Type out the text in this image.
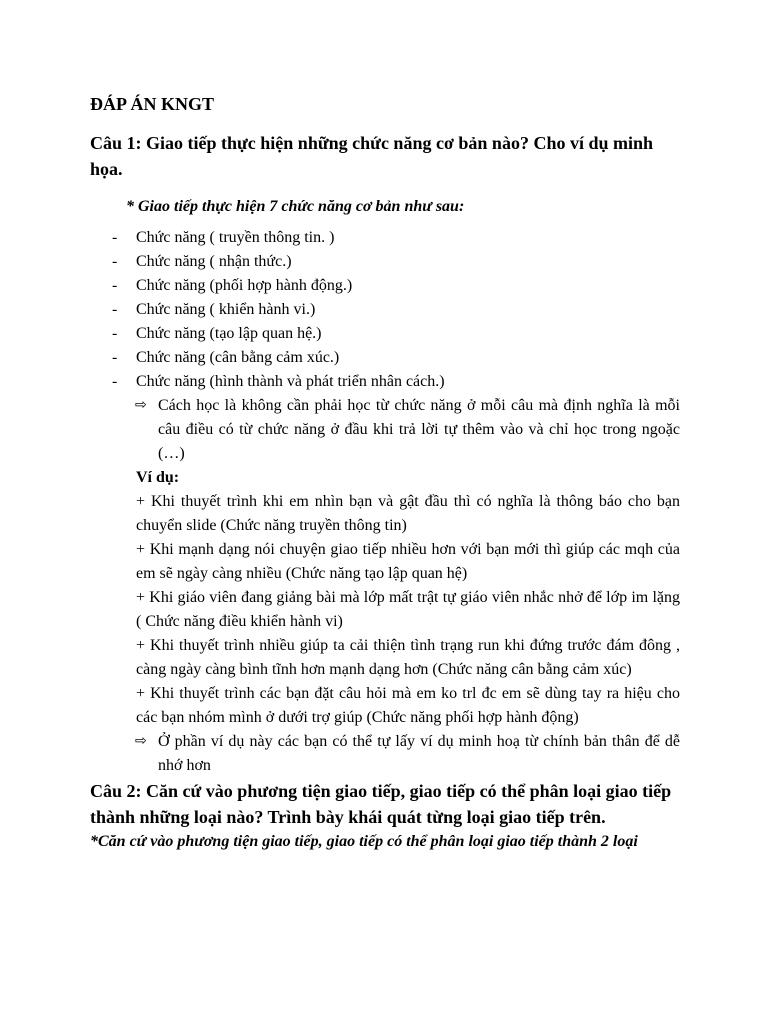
ĐÁP ÁN KNGT
Câu 1: Giao tiếp thực hiện những chức năng cơ bản nào? Cho ví dụ minh họa.
* Giao tiếp thực hiện 7 chức năng cơ bản như sau:
- Chức năng ( truyền thông tin. )
- Chức năng ( nhận thức.)
- Chức năng (phối hợp hành động.)
- Chức năng ( khiển hành vi.)
- Chức năng (tạo lập quan hệ.)
- Chức năng (cân bằng cảm xúc.)
- Chức năng (hình thành và phát triển nhân cách.)
⇨ Cách học là không cần phải học từ chức năng ở mỗi câu mà định nghĩa là mỗi câu điều có từ chức năng ở đầu khi trả lời tự thêm vào và chỉ học trong ngoặc (…)

Ví dụ:

+ Khi thuyết trình khi em nhìn bạn và gật đầu thì có nghĩa là thông báo cho bạn chuyển slide (Chức năng truyền thông tin)

+ Khi mạnh dạng nói chuyện giao tiếp nhiều hơn với bạn mới thì giúp các mqh của em sẽ ngày càng nhiều (Chức năng tạo lập quan hệ)

+ Khi giáo viên đang giảng bài mà lớp mất trật tự giáo viên nhắc nhở để lớp im lặng ( Chức năng điều khiển hành vi)

+ Khi thuyết trình nhiều giúp ta cải thiện tình trạng run khi đứng trước đám đông , càng ngày càng bình tĩnh hơn mạnh dạng hơn (Chức năng cân bằng cảm xúc)

+ Khi thuyết trình các bạn đặt câu hỏi mà em ko trl đc em sẽ dùng tay ra hiệu cho các bạn nhóm mình ở dưới trợ giúp (Chức năng phối hợp hành động)

⇨ Ở phần ví dụ này các bạn có thể tự lấy ví dụ minh hoạ từ chính bản thân để dễ nhớ hơn
Câu 2: Căn cứ vào phương tiện giao tiếp, giao tiếp có thể phân loại giao tiếp thành những loại nào? Trình bày khái quát từng loại giao tiếp trên.
*Căn cứ vào phương tiện giao tiếp, giao tiếp có thể phân loại giao tiếp thành 2 loại
